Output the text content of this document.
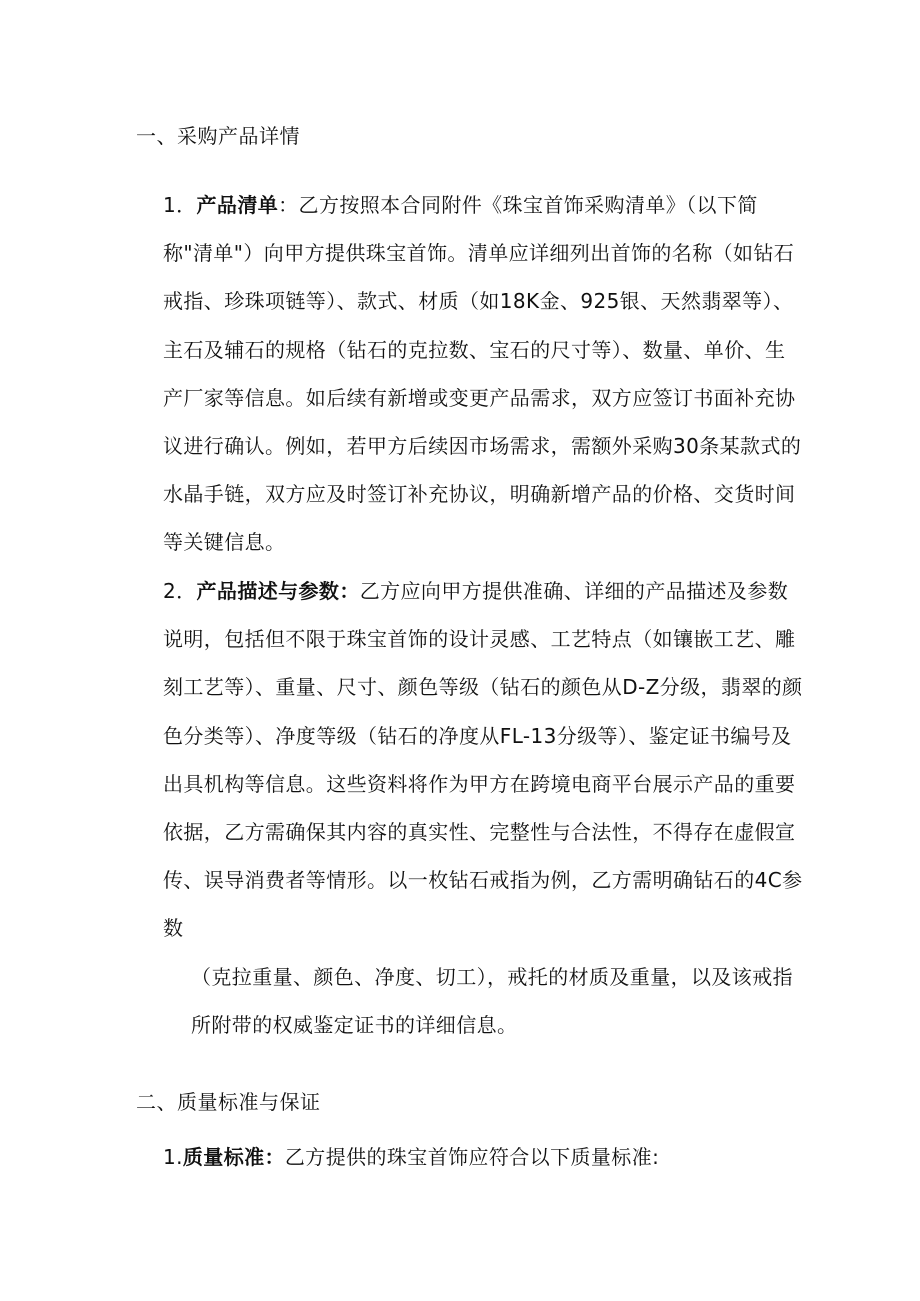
一、采购产品详情
1．产品清单：乙方按照本合同附件《珠宝首饰采购清单》（以下简称"清单"）向甲方提供珠宝首饰。清单应详细列出首饰的名称（如钻石戒指、珍珠项链等）、款式、材质（如18K金、925银、天然翡翠等）、主石及辅石的规格（钻石的克拉数、宝石的尺寸等）、数量、单价、生产厂家等信息。如后续有新增或变更产品需求，双方应签订书面补充协议进行确认。例如，若甲方后续因市场需求，需额外采购30条某款式的水晶手链，双方应及时签订补充协议，明确新增产品的价格、交货时间等关键信息。
2．产品描述与参数：乙方应向甲方提供准确、详细的产品描述及参数说明，包括但不限于珠宝首饰的设计灵感、工艺特点（如镶嵌工艺、雕刻工艺等）、重量、尺寸、颜色等级（钻石的颜色从D-Z分级，翡翠的颜色分类等）、净度等级（钻石的净度从FL-13分级等）、鉴定证书编号及出具机构等信息。这些资料将作为甲方在跨境电商平台展示产品的重要依据，乙方需确保其内容的真实性、完整性与合法性，不得存在虚假宣传、误导消费者等情形。以一枚钻石戒指为例，乙方需明确钻石的4C参数
（克拉重量、颜色、净度、切工），戒托的材质及重量，以及该戒指所附带的权威鉴定证书的详细信息。
二、质量标准与保证
1.质量标准：乙方提供的珠宝首饰应符合以下质量标准:
